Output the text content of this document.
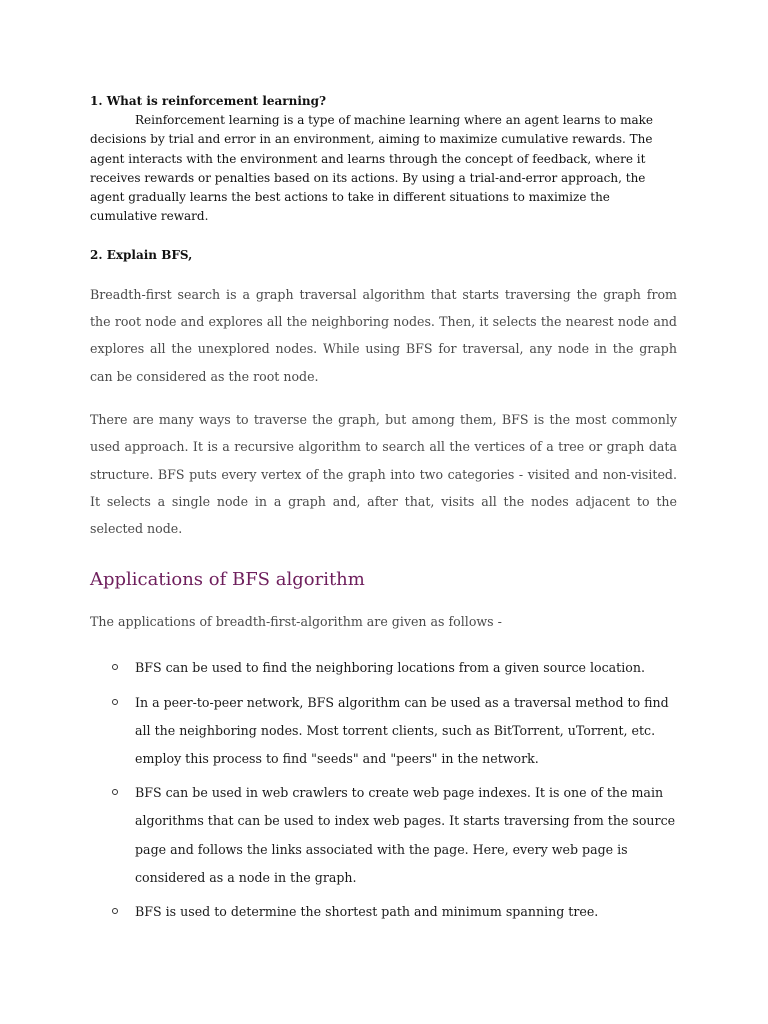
1. What is reinforcement learning?

Reinforcement learning is a type of machine learning where an agent learns to make decisions by trial and error in an environment, aiming to maximize cumulative rewards. The agent interacts with the environment and learns through the concept of feedback, where it receives rewards or penalties based on its actions. By using a trial-and-error approach, the agent gradually learns the best actions to take in different situations to maximize the cumulative reward.

2. Explain BFS,

Breadth-first search is a graph traversal algorithm that starts traversing the graph from the root node and explores all the neighboring nodes. Then, it selects the nearest node and explores all the unexplored nodes. While using BFS for traversal, any node in the graph can be considered as the root node.

There are many ways to traverse the graph, but among them, BFS is the most commonly used approach. It is a recursive algorithm to search all the vertices of a tree or graph data structure. BFS puts every vertex of the graph into two categories - visited and non-visited. It selects a single node in a graph and, after that, visits all the nodes adjacent to the selected node.

Applications of BFS algorithm

The applications of breadth-first-algorithm are given as follows -

BFS can be used to find the neighboring locations from a given source location.
In a peer-to-peer network, BFS algorithm can be used as a traversal method to find all the neighboring nodes. Most torrent clients, such as BitTorrent, uTorrent, etc. employ this process to find "seeds" and "peers" in the network.
BFS can be used in web crawlers to create web page indexes. It is one of the main algorithms that can be used to index web pages. It starts traversing from the source page and follows the links associated with the page. Here, every web page is considered as a node in the graph.
BFS is used to determine the shortest path and minimum spanning tree.
